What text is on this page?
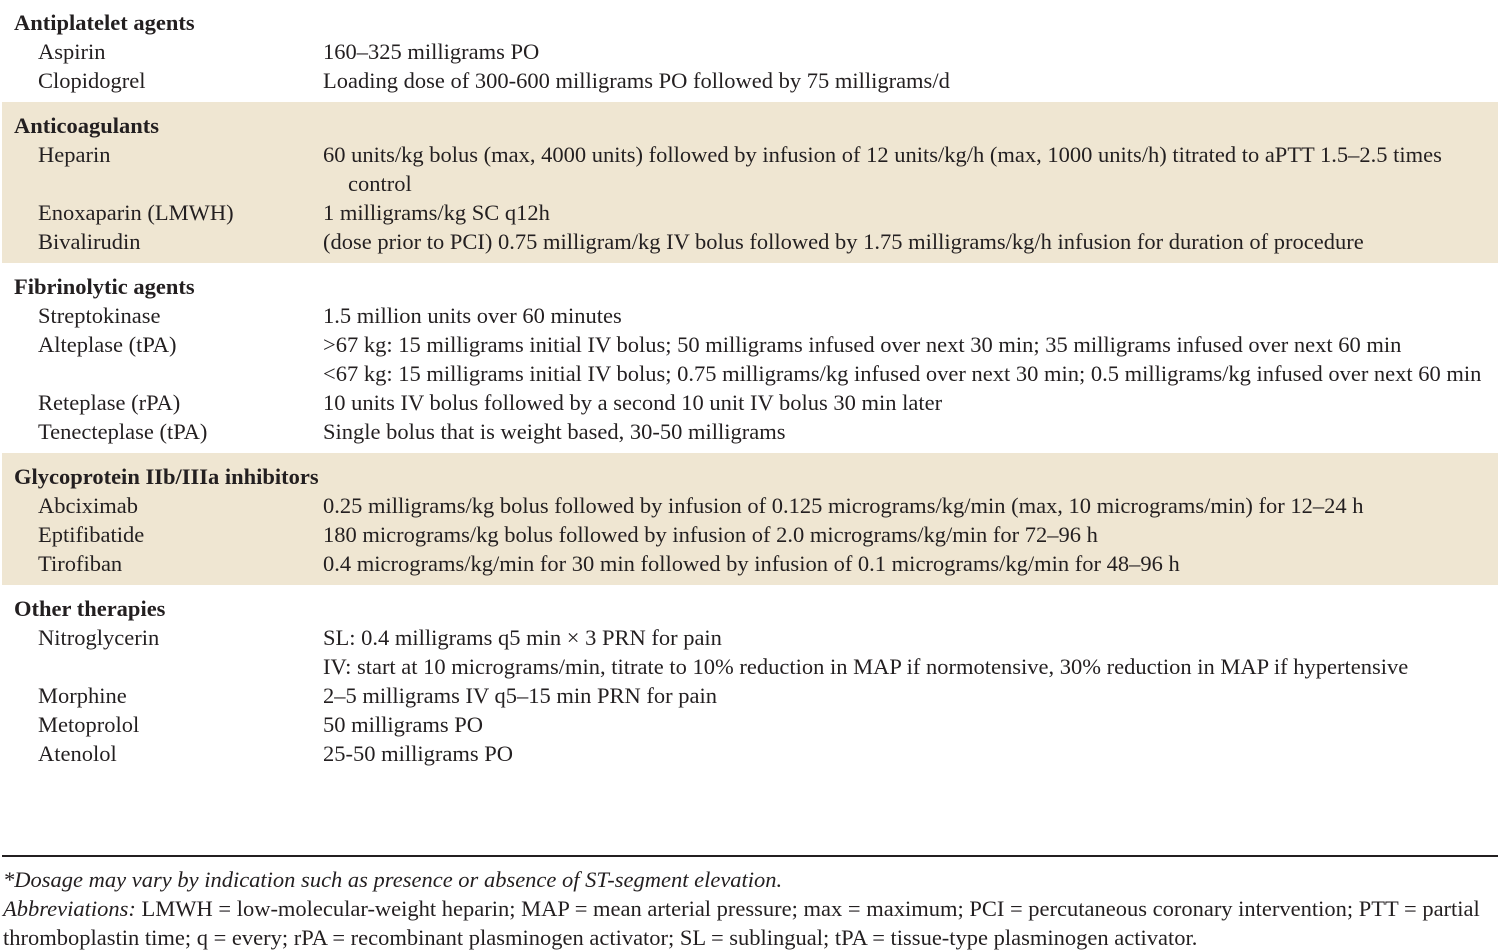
Antiplatelet agents
Aspirin	160–325 milligrams PO
Clopidogrel	Loading dose of 300-600 milligrams PO followed by 75 milligrams/d
Anticoagulants
Heparin	60 units/kg bolus (max, 4000 units) followed by infusion of 12 units/kg/h (max, 1000 units/h) titrated to aPTT 1.5–2.5 times control
Enoxaparin (LMWH)	1 milligrams/kg SC q12h
Bivalirudin	(dose prior to PCI) 0.75 milligram/kg IV bolus followed by 1.75 milligrams/kg/h infusion for duration of procedure
Fibrinolytic agents
Streptokinase	1.5 million units over 60 minutes
Alteplase (tPA)	>67 kg: 15 milligrams initial IV bolus; 50 milligrams infused over next 30 min; 35 milligrams infused over next 60 min
<67 kg: 15 milligrams initial IV bolus; 0.75 milligrams/kg infused over next 30 min; 0.5 milligrams/kg infused over next 60 min
Reteplase (rPA)	10 units IV bolus followed by a second 10 unit IV bolus 30 min later
Tenecteplase (tPA)	Single bolus that is weight based, 30-50 milligrams
Glycoprotein IIb/IIIa inhibitors
Abciximab	0.25 milligrams/kg bolus followed by infusion of 0.125 micrograms/kg/min (max, 10 micrograms/min) for 12–24 h
Eptifibatide	180 micrograms/kg bolus followed by infusion of 2.0 micrograms/kg/min for 72–96 h
Tirofiban	0.4 micrograms/kg/min for 30 min followed by infusion of 0.1 micrograms/kg/min for 48–96 h
Other therapies
Nitroglycerin	SL: 0.4 milligrams q5 min × 3 PRN for pain
IV: start at 10 micrograms/min, titrate to 10% reduction in MAP if normotensive, 30% reduction in MAP if hypertensive
Morphine	2–5 milligrams IV q5–15 min PRN for pain
Metoprolol	50 milligrams PO
Atenolol	25-50 milligrams PO
*Dosage may vary by indication such as presence or absence of ST-segment elevation.
Abbreviations: LMWH = low-molecular-weight heparin; MAP = mean arterial pressure; max = maximum; PCI = percutaneous coronary intervention; PTT = partial thromboplastin time; q = every; rPA = recombinant plasminogen activator; SL = sublingual; tPA = tissue-type plasminogen activator.
